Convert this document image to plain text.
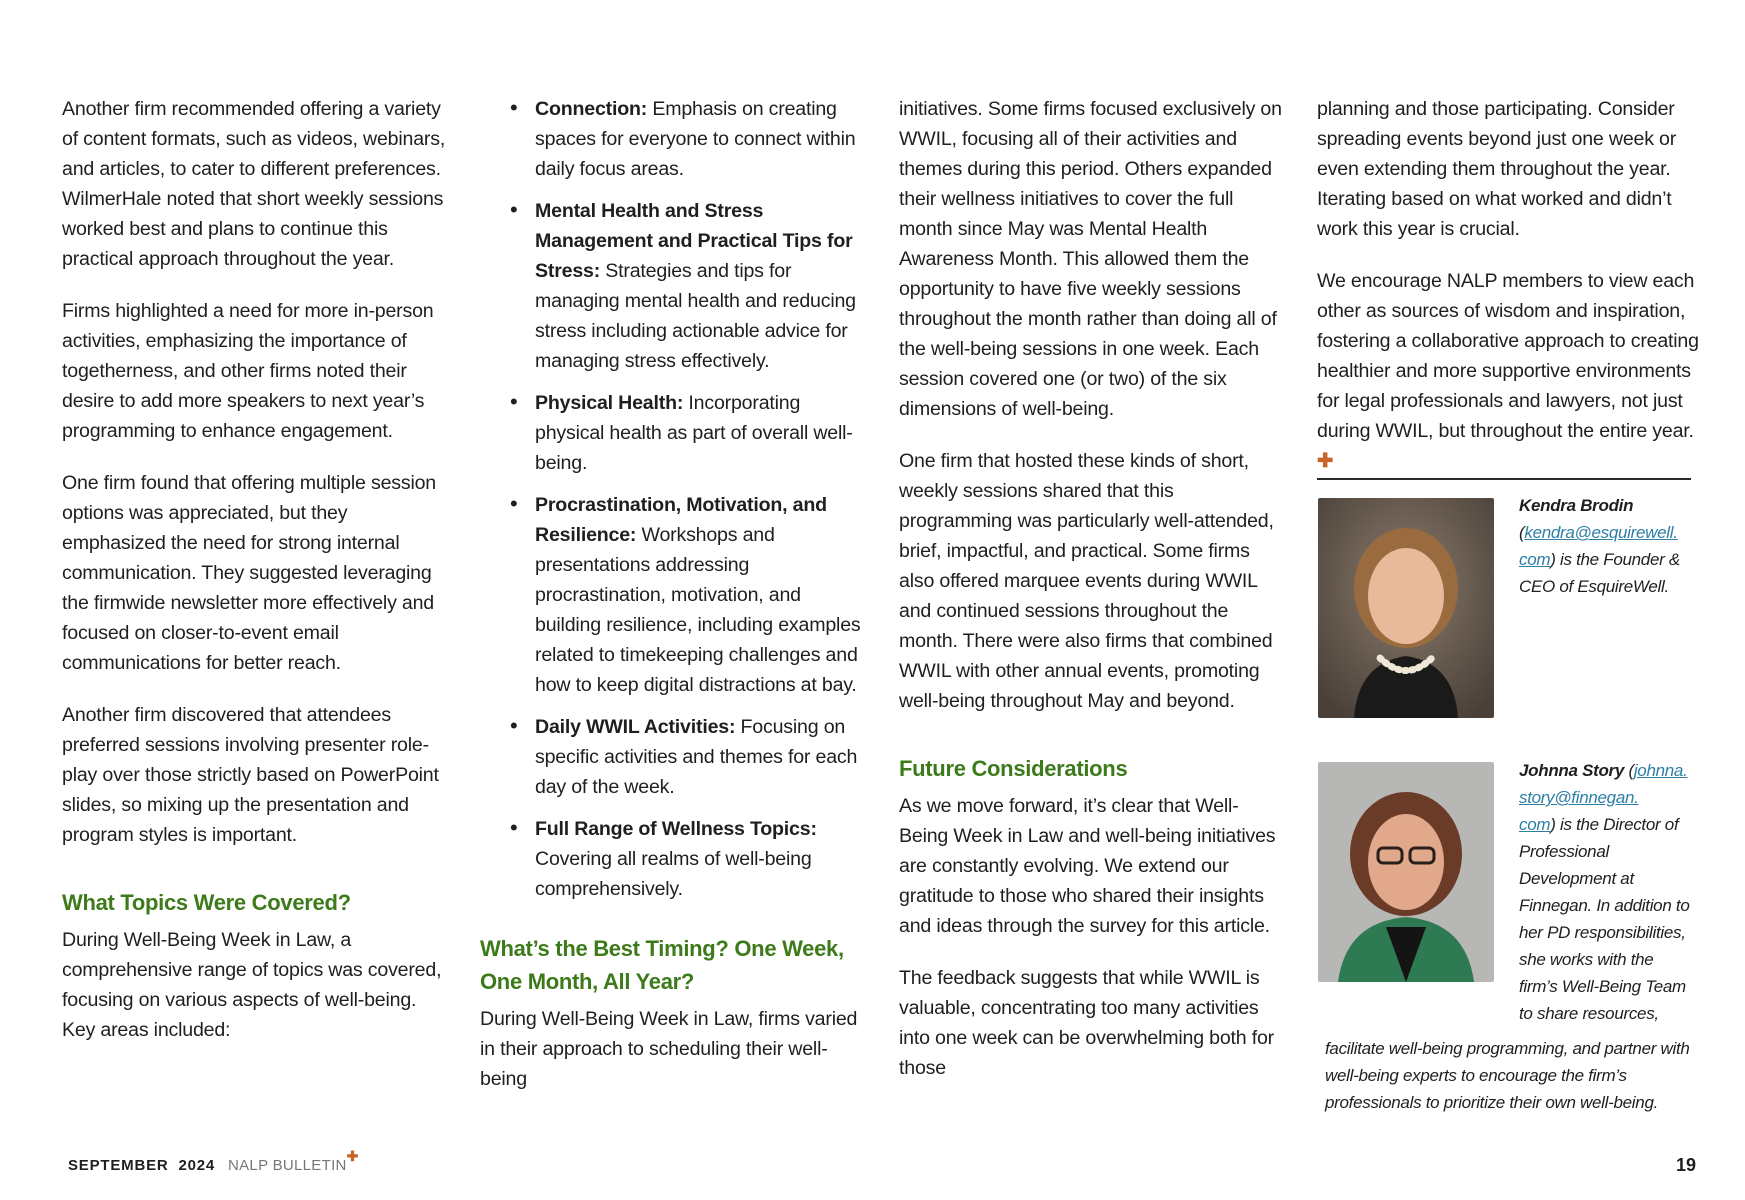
Another firm recommended offering a variety of content formats, such as videos, webinars, and articles, to cater to different preferences. WilmerHale noted that short weekly sessions worked best and plans to continue this practical approach throughout the year.

Firms highlighted a need for more in-person activities, emphasizing the importance of togetherness, and other firms noted their desire to add more speakers to next year’s programming to enhance engagement.

One firm found that offering multiple session options was appreciated, but they emphasized the need for strong internal communication. They suggested leveraging the firmwide newsletter more effectively and focused on closer-to-event email communications for better reach.

Another firm discovered that attendees preferred sessions involving presenter role-play over those strictly based on PowerPoint slides, so mixing up the presentation and program styles is important.

What Topics Were Covered?

During Well-Being Week in Law, a comprehensive range of topics was covered, focusing on various aspects of well-being. Key areas included:

• Connection: Emphasis on creating spaces for everyone to connect within daily focus areas.
• Mental Health and Stress Management and Practical Tips for Stress: Strategies and tips for managing mental health and reducing stress including actionable advice for managing stress effectively.
• Physical Health: Incorporating physical health as part of overall well-being.
• Procrastination, Motivation, and Resilience: Workshops and presentations addressing procrastination, motivation, and building resilience, including examples related to timekeeping challenges and how to keep digital distractions at bay.
• Daily WWIL Activities: Focusing on specific activities and themes for each day of the week.
• Full Range of Wellness Topics: Covering all realms of well-being comprehensively.
What’s the Best Timing? One Week, One Month, All Year?

During Well-Being Week in Law, firms varied in their approach to scheduling their well-being

initiatives. Some firms focused exclusively on WWIL, focusing all of their activities and themes during this period. Others expanded their wellness initiatives to cover the full month since May was Mental Health Awareness Month. This allowed them the opportunity to have five weekly sessions throughout the month rather than doing all of the well-being sessions in one week. Each session covered one (or two) of the six dimensions of well-being.

One firm that hosted these kinds of short, weekly sessions shared that this programming was particularly well-attended, brief, impactful, and practical. Some firms also offered marquee events during WWIL and continued sessions throughout the month. There were also firms that combined WWIL with other annual events, promoting well-being throughout May and beyond.

Future Considerations

As we move forward, it’s clear that Well-Being Week in Law and well-being initiatives are constantly evolving. We extend our gratitude to those who shared their insights and ideas through the survey for this article.

The feedback suggests that while WWIL is valuable, concentrating too many activities into one week can be overwhelming both for those

planning and those participating. Consider spreading events beyond just one week or even extending them throughout the year. Iterating based on what worked and didn’t work this year is crucial.

We encourage NALP members to view each other as sources of wisdom and inspiration, fostering a collaborative approach to creating healthier and more supportive environments for legal professionals and lawyers, not just during WWIL, but throughout the entire year. ✚

Kendra Brodin
(kendra@esquirewell.
com) is the Founder & CEO of EsquireWell.
Johnna Story (johnna.
story@finnegan.
com) is the Director of Professional Development at Finnegan. In addition to her PD responsibilities, she works with the firm’s Well-Being Team to share resources,
facilitate well-being programming, and partner with well-being experts to encourage the firm’s professionals to prioritize their own well-being.
SEPTEMBER  2024 NALP BULLETIN✚	19
